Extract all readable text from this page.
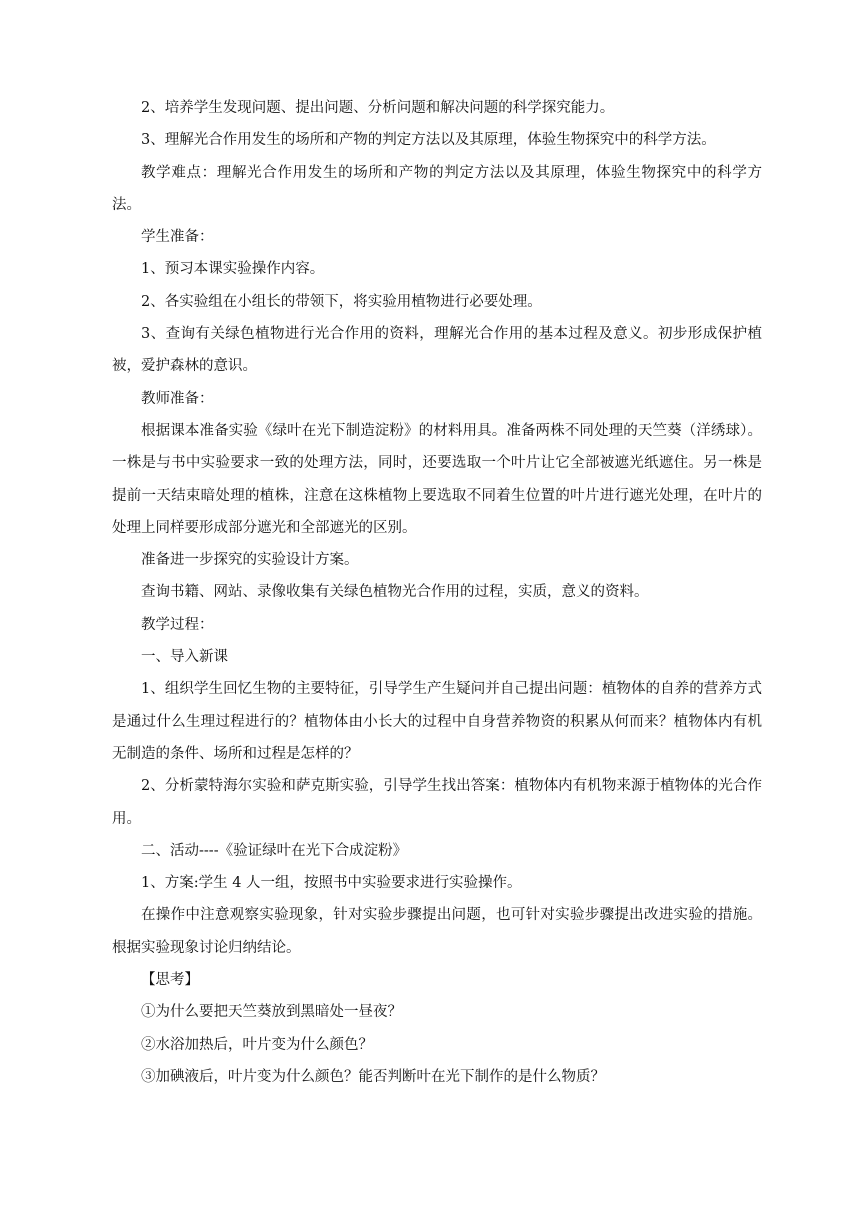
2、培养学生发现问题、提出问题、分析问题和解决问题的科学探究能力。

3、理解光合作用发生的场所和产物的判定方法以及其原理，体验生物探究中的科学方法。

教学难点：理解光合作用发生的场所和产物的判定方法以及其原理，体验生物探究中的科学方法。

学生准备：

1、预习本课实验操作内容。

2、各实验组在小组长的带领下，将实验用植物进行必要处理。

3、查询有关绿色植物进行光合作用的资料，理解光合作用的基本过程及意义。初步形成保护植被，爱护森林的意识。

教师准备：

根据课本准备实验《绿叶在光下制造淀粉》的材料用具。准备两株不同处理的天竺葵（洋绣球）。一株是与书中实验要求一致的处理方法，同时，还要选取一个叶片让它全部被遮光纸遮住。另一株是提前一天结束暗处理的植株，注意在这株植物上要选取不同着生位置的叶片进行遮光处理，在叶片的处理上同样要形成部分遮光和全部遮光的区别。

准备进一步探究的实验设计方案。

查询书籍、网站、录像收集有关绿色植物光合作用的过程，实质，意义的资料。

教学过程：

一、导入新课

1、组织学生回忆生物的主要特征，引导学生产生疑问并自己提出问题：植物体的自养的营养方式是通过什么生理过程进行的？植物体由小长大的过程中自身营养物资的积累从何而来？植物体内有机无制造的条件、场所和过程是怎样的？

2、分析蒙特海尔实验和萨克斯实验，引导学生找出答案：植物体内有机物来源于植物体的光合作用。

二、活动----《验证绿叶在光下合成淀粉》

1、方案:学生 4 人一组，按照书中实验要求进行实验操作。

在操作中注意观察实验现象，针对实验步骤提出问题，也可针对实验步骤提出改进实验的措施。根据实验现象讨论归纳结论。

【思考】

①为什么要把天竺葵放到黑暗处一昼夜？

②水浴加热后，叶片变为什么颜色？

③加碘液后，叶片变为什么颜色？能否判断叶在光下制作的是什么物质？
